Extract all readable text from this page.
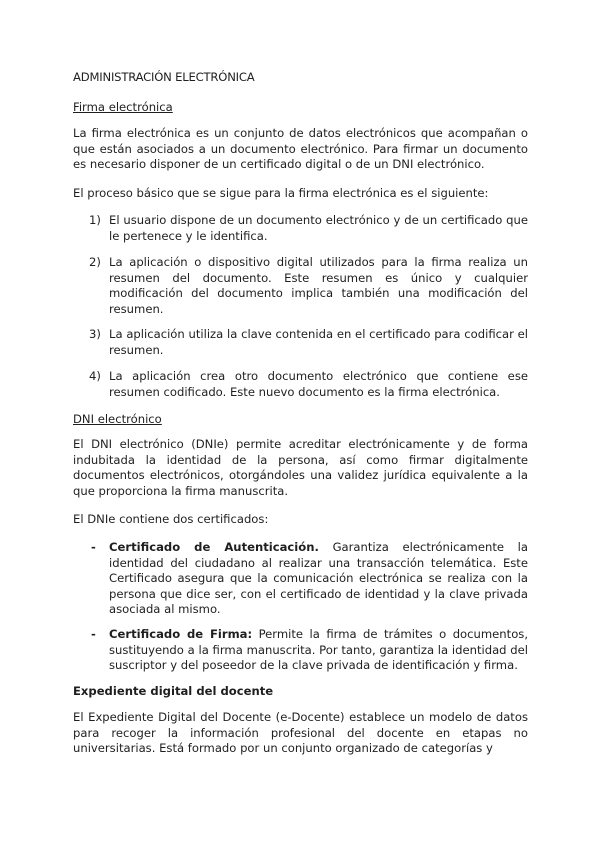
ADMINISTRACIÓN ELECTRÓNICA

Firma electrónica

La firma electrónica es un conjunto de datos electrónicos que acompañan o que están asociados a un documento electrónico. Para firmar un documento es necesario disponer de un certificado digital o de un DNI electrónico.

El proceso básico que se sigue para la firma electrónica es el siguiente:

1) El usuario dispone de un documento electrónico y de un certificado que le pertenece y le identifica.
2) La aplicación o dispositivo digital utilizados para la firma realiza un resumen del documento. Este resumen es único y cualquier modificación del documento implica también una modificación del resumen.
3) La aplicación utiliza la clave contenida en el certificado para codificar el resumen.
4) La aplicación crea otro documento electrónico que contiene ese resumen codificado. Este nuevo documento es la firma electrónica.

DNI electrónico

El DNI electrónico (DNIe) permite acreditar electrónicamente y de forma indubitada la identidad de la persona, así como firmar digitalmente documentos electrónicos, otorgándoles una validez jurídica equivalente a la que proporciona la firma manuscrita.

El DNIe contiene dos certificados:

- Certificado de Autenticación. Garantiza electrónicamente la identidad del ciudadano al realizar una transacción telemática. Este Certificado asegura que la comunicación electrónica se realiza con la persona que dice ser, con el certificado de identidad y la clave privada asociada al mismo.
- Certificado de Firma: Permite la firma de trámites o documentos, sustituyendo a la firma manuscrita. Por tanto, garantiza la identidad del suscriptor y del poseedor de la clave privada de identificación y firma.

Expediente digital del docente

El Expediente Digital del Docente (e-Docente) establece un modelo de datos para recoger la información profesional del docente en etapas no universitarias. Está formado por un conjunto organizado de categorías y
